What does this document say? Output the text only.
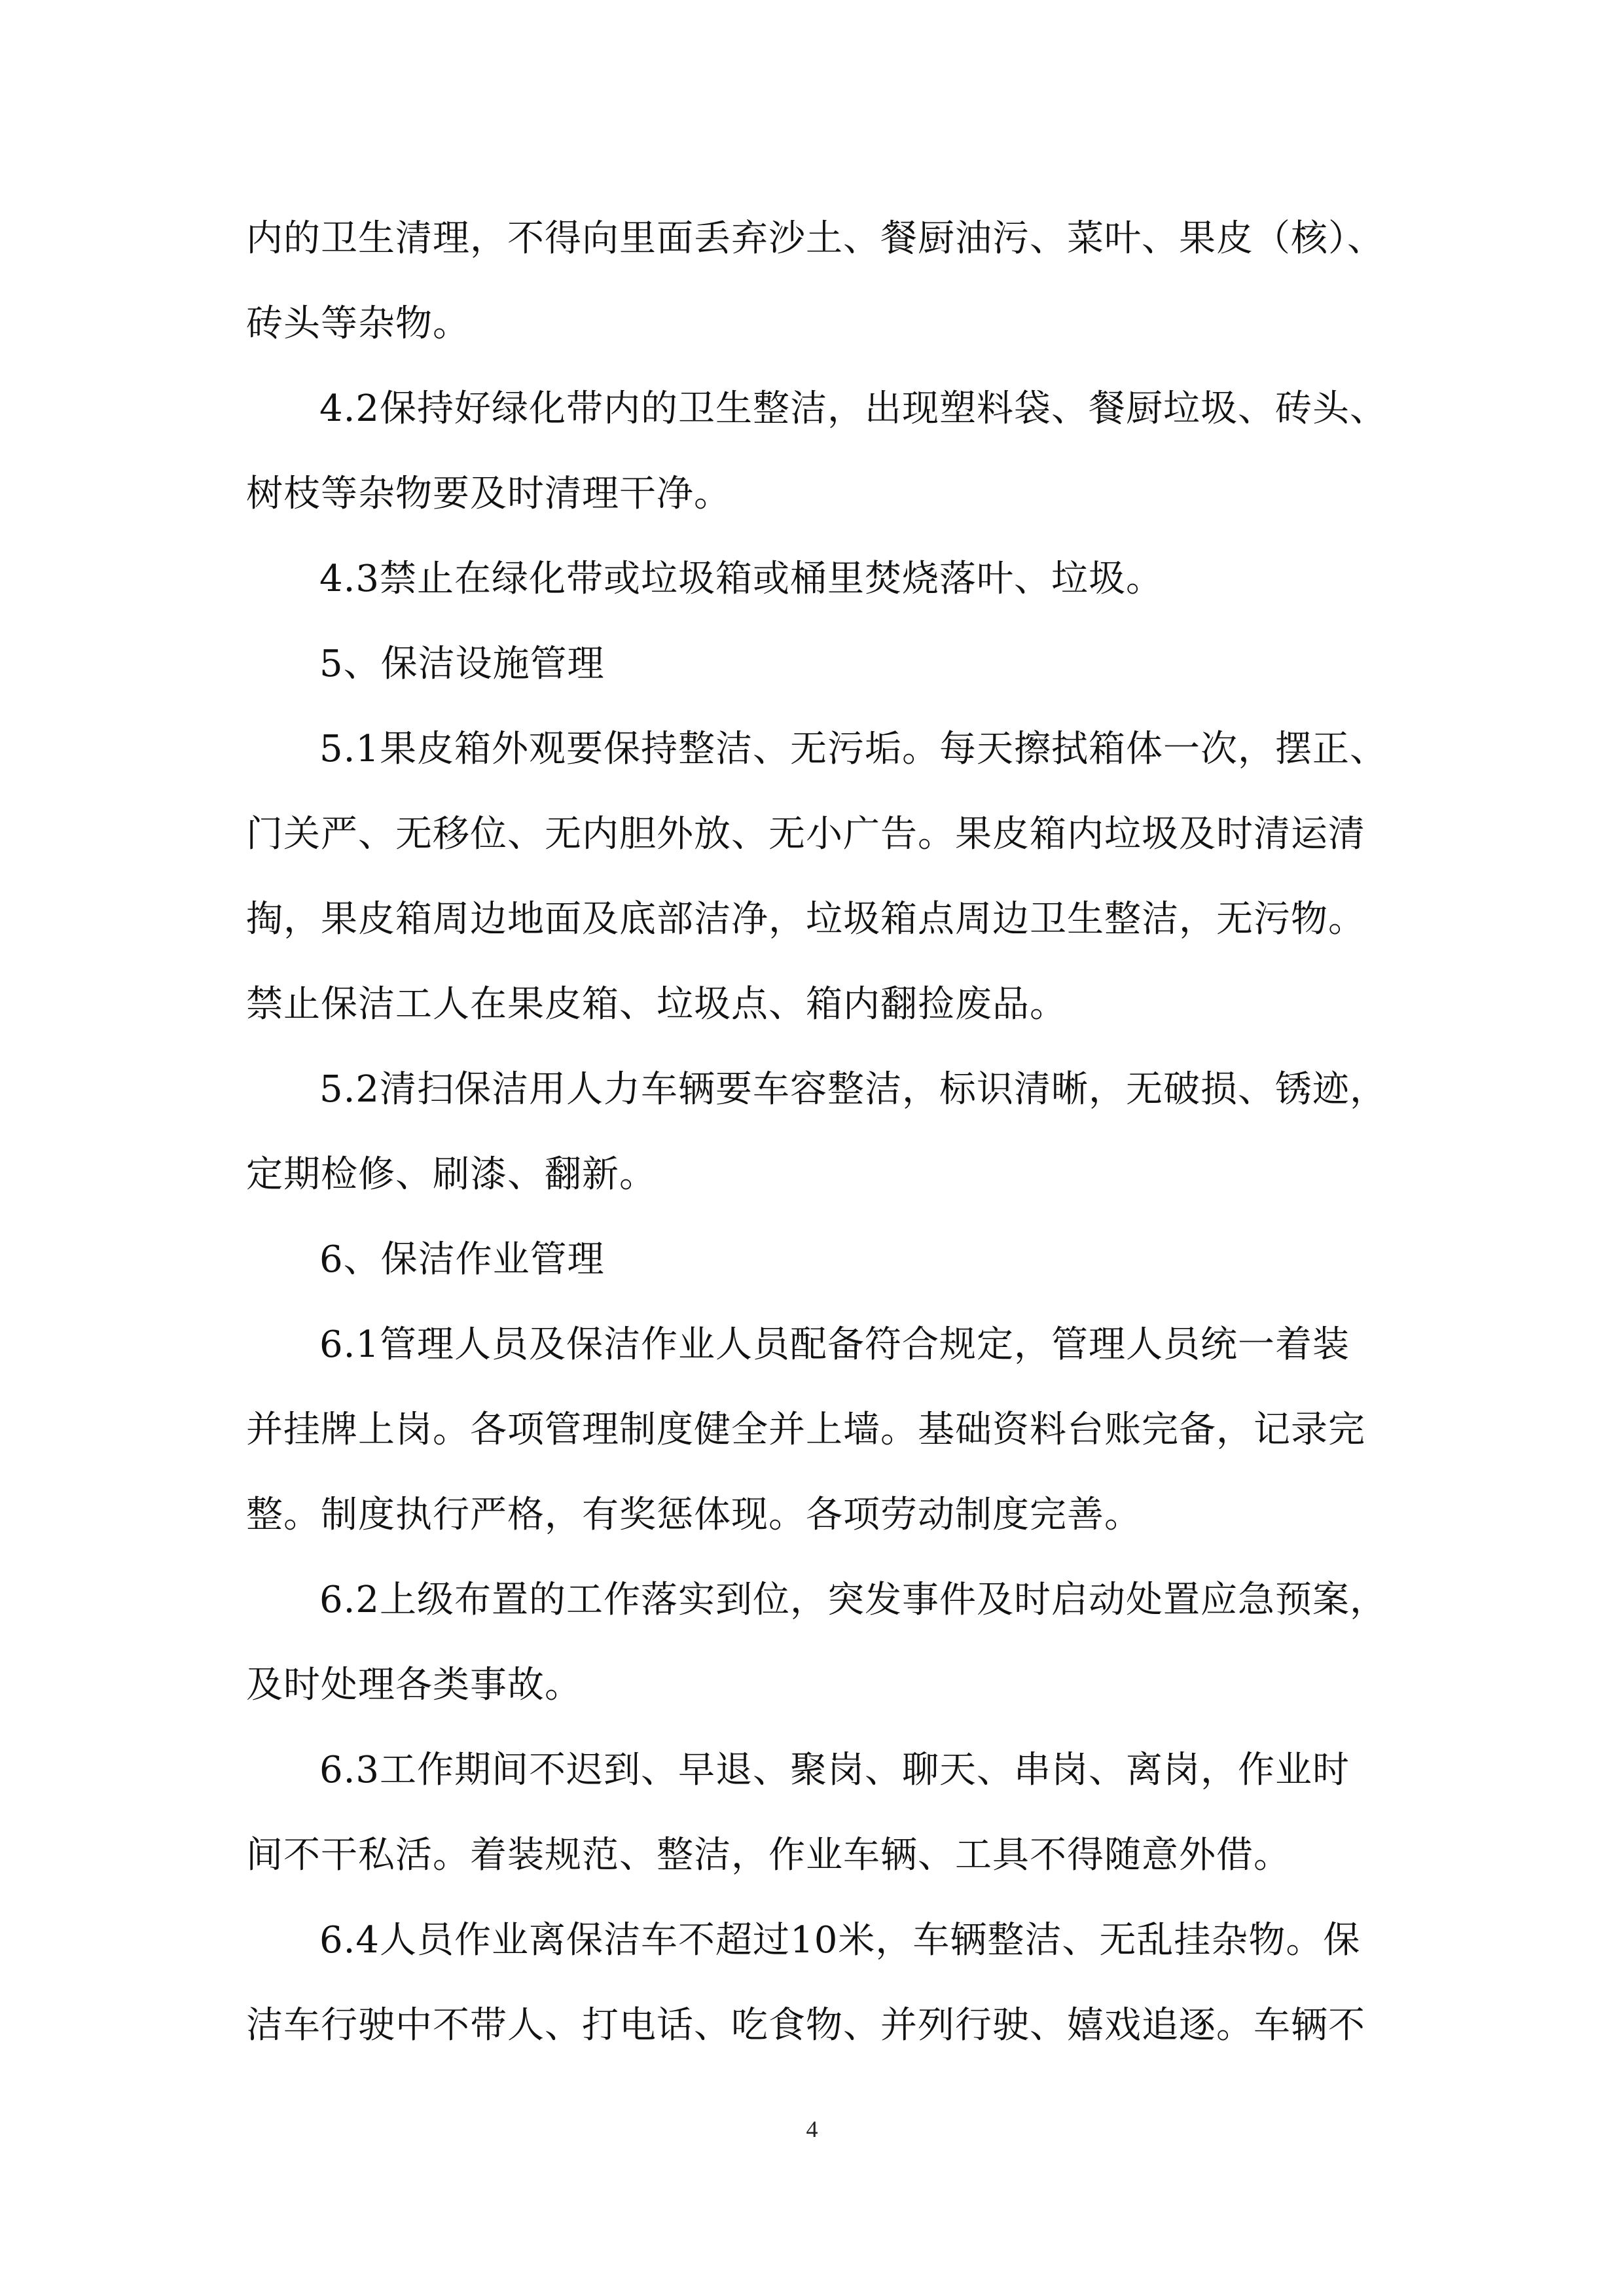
内的卫生清理，不得向里面丢弃沙土、餐厨油污、菜叶、果皮（核）、
砖头等杂物。
4.2保持好绿化带内的卫生整洁，出现塑料袋、餐厨垃圾、砖头、
树枝等杂物要及时清理干净。
4.3禁止在绿化带或垃圾箱或桶里焚烧落叶、垃圾。
5、保洁设施管理
5.1果皮箱外观要保持整洁、无污垢。每天擦拭箱体一次，摆正、
门关严、无移位、无内胆外放、无小广告。果皮箱内垃圾及时清运清
掏，果皮箱周边地面及底部洁净，垃圾箱点周边卫生整洁，无污物。
禁止保洁工人在果皮箱、垃圾点、箱内翻捡废品。
5.2清扫保洁用人力车辆要车容整洁，标识清晰，无破损、锈迹，
定期检修、刷漆、翻新。
6、保洁作业管理
6.1管理人员及保洁作业人员配备符合规定，管理人员统一着装
并挂牌上岗。各项管理制度健全并上墙。基础资料台账完备，记录完
整。制度执行严格，有奖惩体现。各项劳动制度完善。
6.2上级布置的工作落实到位，突发事件及时启动处置应急预案，
及时处理各类事故。
6.3工作期间不迟到、早退、聚岗、聊天、串岗、离岗，作业时
间不干私活。着装规范、整洁，作业车辆、工具不得随意外借。
6.4人员作业离保洁车不超过10米，车辆整洁、无乱挂杂物。保
洁车行驶中不带人、打电话、吃食物、并列行驶、嬉戏追逐。车辆不
4
